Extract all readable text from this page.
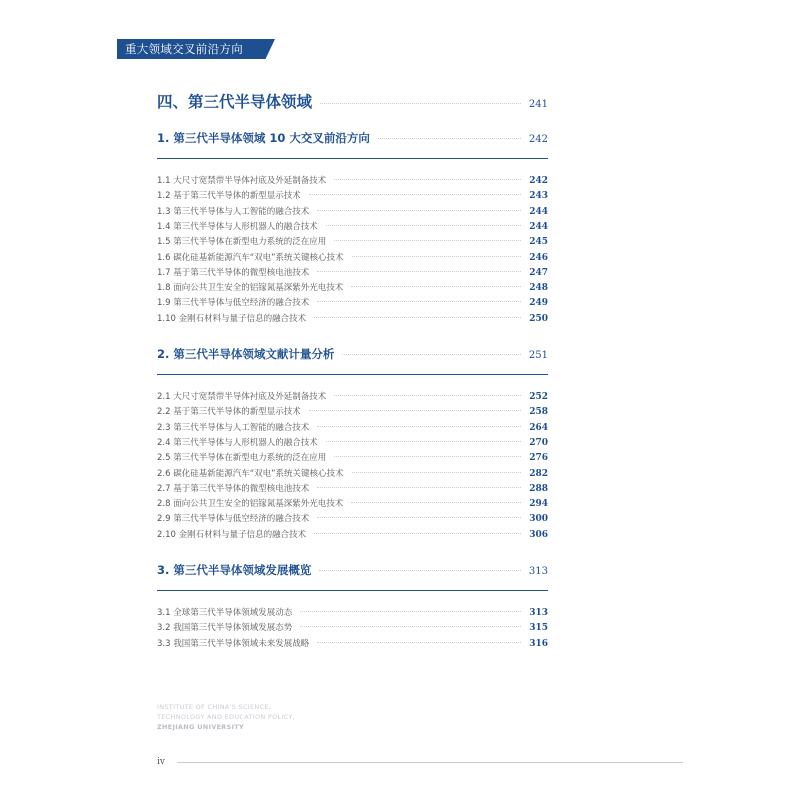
重大领域交叉前沿方向
四、第三代半导体领域	241
1. 第三代半导体领域 10 大交叉前沿方向	242
1.1 大尺寸宽禁带半导体衬底及外延制备技术	242
1.2 基于第三代半导体的新型显示技术	243
1.3 第三代半导体与人工智能的融合技术	244
1.4 第三代半导体与人形机器人的融合技术	244
1.5 第三代半导体在新型电力系统的泛在应用	245
1.6 碳化硅基新能源汽车“双电”系统关键核心技术	246
1.7 基于第三代半导体的微型核电池技术	247
1.8 面向公共卫生安全的铝镓氮基深紫外光电技术	248
1.9 第三代半导体与低空经济的融合技术	249
1.10 金刚石材料与量子信息的融合技术	250
2. 第三代半导体领域文献计量分析	251
2.1 大尺寸宽禁带半导体衬底及外延制备技术	252
2.2 基于第三代半导体的新型显示技术	258
2.3 第三代半导体与人工智能的融合技术	264
2.4 第三代半导体与人形机器人的融合技术	270
2.5 第三代半导体在新型电力系统的泛在应用	276
2.6 碳化硅基新能源汽车“双电”系统关键核心技术	282
2.7 基于第三代半导体的微型核电池技术	288
2.8 面向公共卫生安全的铝镓氮基深紫外光电技术	294
2.9 第三代半导体与低空经济的融合技术	300
2.10 金刚石材料与量子信息的融合技术	306
3. 第三代半导体领域发展概览	313
3.1 全球第三代半导体领域发展动态	313
3.2 我国第三代半导体领域发展态势	315
3.3 我国第三代半导体领域未来发展战略	316
INSTITUTE OF CHINA'S SCIENCE,
TECHNOLOGY AND EDUCATION POLICY,
ZHEJIANG UNIVERSITY
iv
